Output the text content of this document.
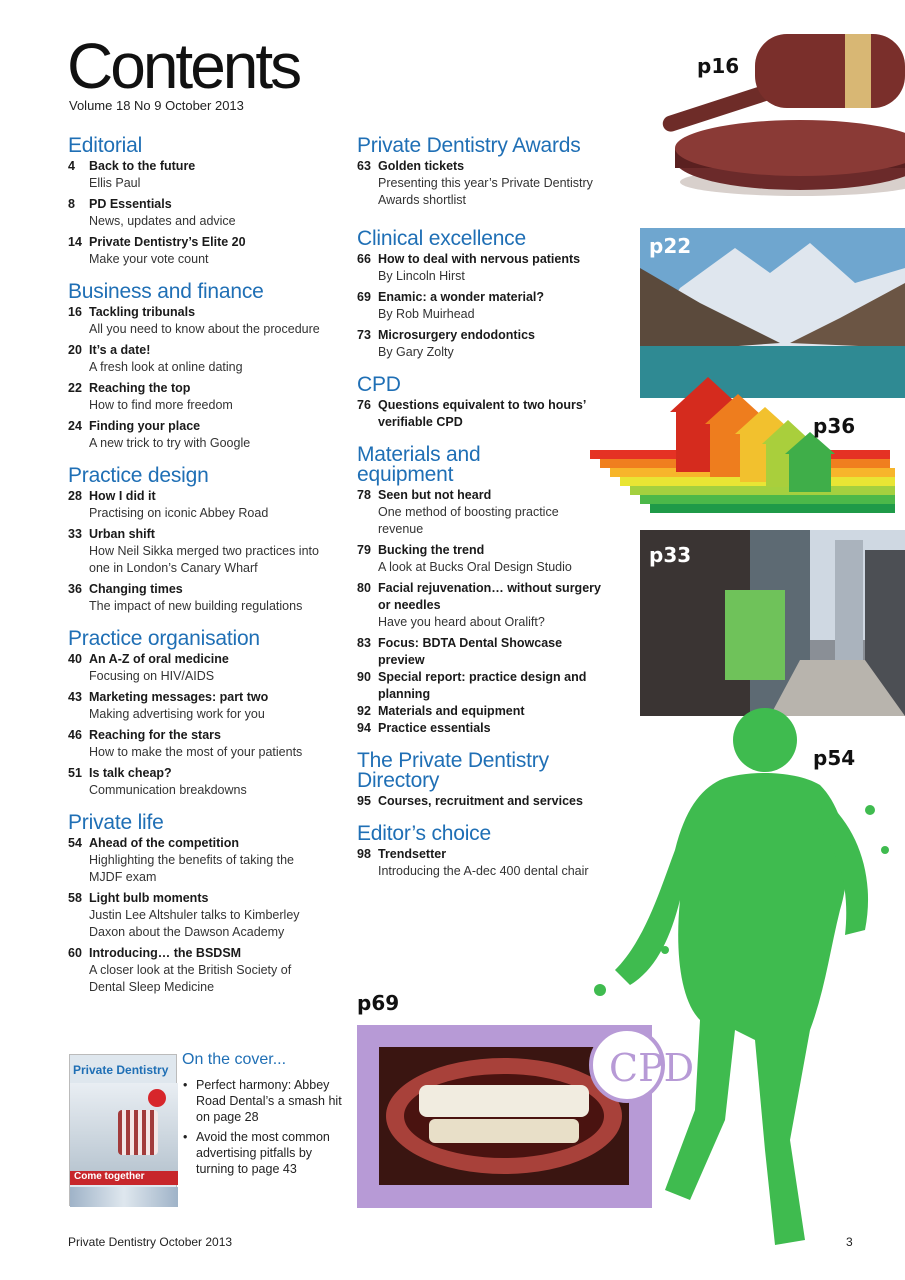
Contents
Volume 18 No 9 October 2013
Editorial
4	Back to the future
Ellis Paul
8	PD Essentials
News, updates and advice
14 Private Dentistry’s Elite 20
Make your vote count
Business and finance
16 Tackling tribunals
All you need to know about the procedure
20 It’s a date!
A fresh look at online dating
22 Reaching the top
How to find more freedom
24 Finding your place
A new trick to try with Google
Practice design
28 How I did it
Practising on iconic Abbey Road
33 Urban shift
How Neil Sikka merged two practices into one in London’s Canary Wharf
36 Changing times
The impact of new building regulations
Practice organisation
40 An A-Z of oral medicine
Focusing on HIV/AIDS
43 Marketing messages: part two
Making advertising work for you
46 Reaching for the stars
How to make the most of your patients
51 Is talk cheap?
Communication breakdowns
Private life
54 Ahead of the competition
Highlighting the benefits of taking the MJDF exam
58 Light bulb moments
Justin Lee Altshuler talks to Kimberley Daxon about the Dawson Academy
60 Introducing… the BSDSM
A closer look at the British Society of Dental Sleep Medicine
Private Dentistry Awards
63 Golden tickets
Presenting this year’s Private Dentistry Awards shortlist
Clinical excellence
66 How to deal with nervous patients
By Lincoln Hirst
69 Enamic: a wonder material?
By Rob Muirhead
73 Microsurgery endodontics
By Gary Zolty
CPD
76 Questions equivalent to two hours’ verifiable CPD
Materials and equipment
78 Seen but not heard
One method of boosting practice revenue
79 Bucking the trend
A look at Bucks Oral Design Studio
80 Facial rejuvenation… without surgery or needles
Have you heard about Oralift?
83 Focus: BDTA Dental Showcase preview
90 Special report: practice design and planning
92 Materials and equipment
94 Practice essentials
The Private Dentistry Directory
95 Courses, recruitment and services
Editor’s choice
98 Trendsetter
Introducing the A-dec 400 dental chair
p16
p22
p36
p33
p54
p69
CPD
Private Dentistry
Come together
On the cover...
• Perfect harmony: Abbey Road Dental’s a smash hit on page 28
• Avoid the most common advertising pitfalls by turning to page 43
Private Dentistry October 2013	3
